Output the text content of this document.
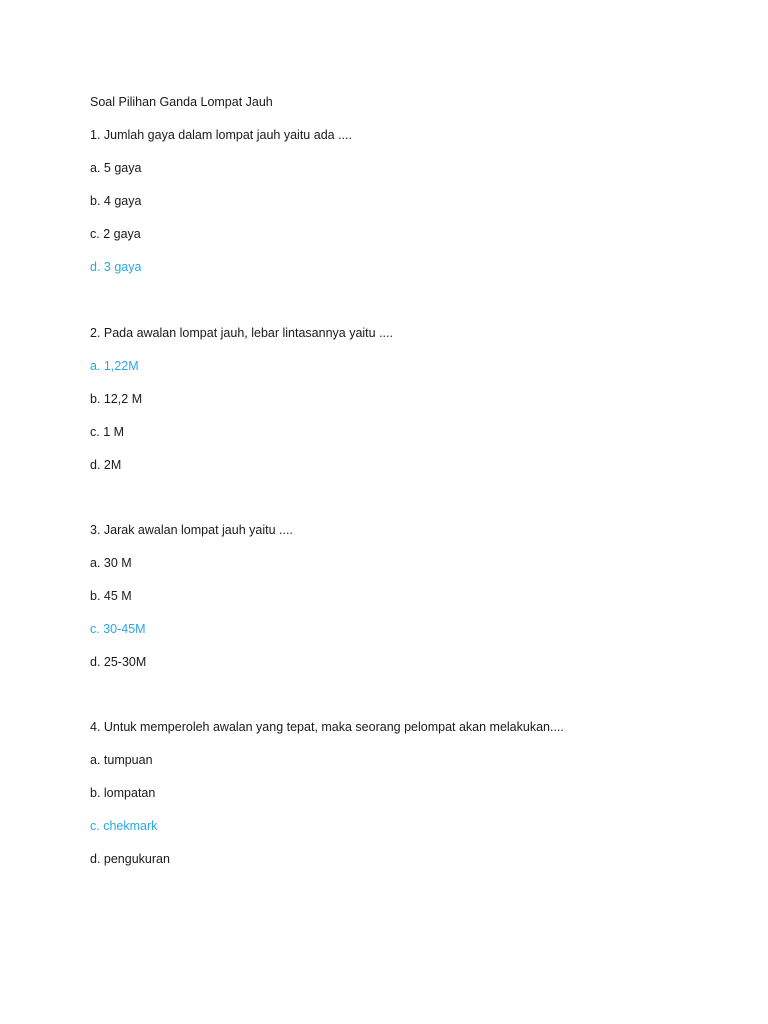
Soal Pilihan Ganda Lompat Jauh
1. Jumlah gaya dalam lompat jauh yaitu ada ....
a. 5 gaya
b. 4 gaya
c. 2 gaya
d. 3 gaya
2. Pada awalan lompat jauh, lebar lintasannya yaitu ....
a. 1,22M
b. 12,2 M
c. 1 M
d. 2M
3. Jarak awalan lompat jauh yaitu ....
a. 30 M
b. 45 M
c. 30-45M
d. 25-30M
4. Untuk memperoleh awalan yang tepat, maka seorang pelompat akan melakukan....
a. tumpuan
b. lompatan
c. chekmark
d. pengukuran
